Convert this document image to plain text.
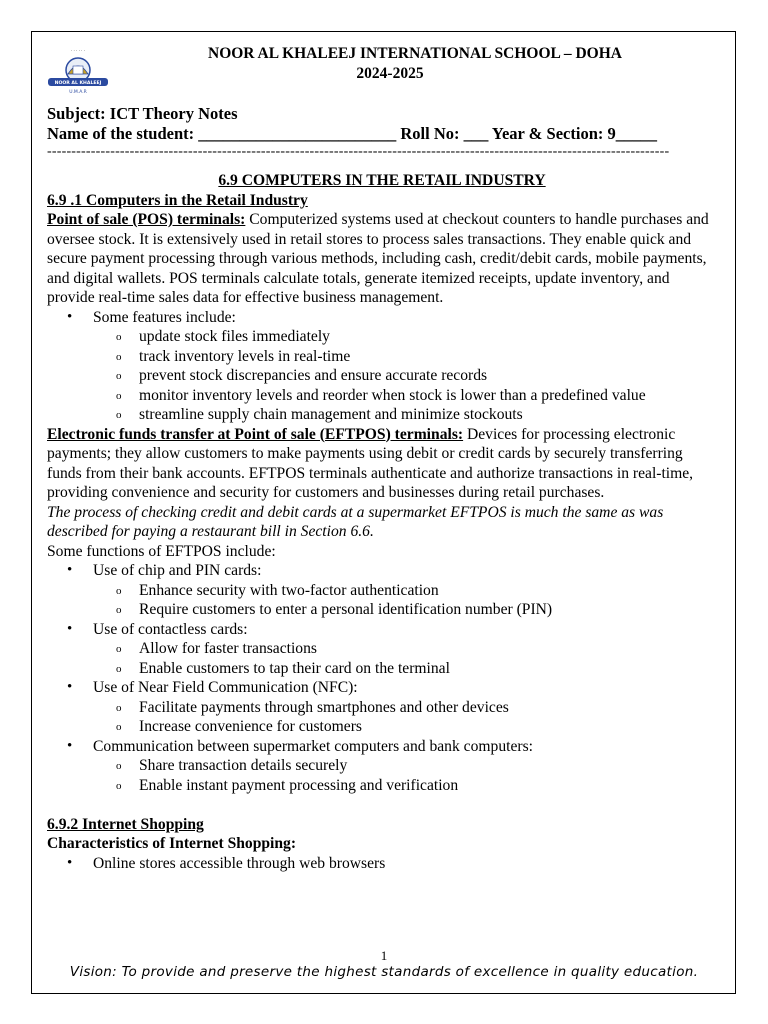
· · · · · ·
NOOR AL KHALEEJ
U.M.A.R
NOOR AL KHALEEJ INTERNATIONAL SCHOOL – DOHA
2024-2025
Subject: ICT Theory Notes
Name of the student: ________________________ Roll No: ___ Year & Section: 9_____
--------------------------------------------------------------------------------------------------------------------------------

6.9 COMPUTERS IN THE RETAIL INDUSTRY

6.9 .1 Computers in the Retail Industry

Point of sale (POS) terminals: Computerized systems used at checkout counters to handle purchases and oversee stock. It is extensively used in retail stores to process sales transactions. They enable quick and secure payment processing through various methods, including cash, credit/debit cards, mobile payments, and digital wallets. POS terminals calculate totals, generate itemized receipts, update inventory, and provide real-time sales data for effective business management.

• Some features include:
o update stock files immediately
o track inventory levels in real-time
o prevent stock discrepancies and ensure accurate records
o monitor inventory levels and reorder when stock is lower than a predefined value
o streamline supply chain management and minimize stockouts

Electronic funds transfer at Point of sale (EFTPOS) terminals: Devices for processing electronic payments; they allow customers to make payments using debit or credit cards by securely transferring funds from their bank accounts. EFTPOS terminals authenticate and authorize transactions in real-time, providing convenience and security for customers and businesses during retail purchases.

The process of checking credit and debit cards at a supermarket EFTPOS is much the same as was described for paying a restaurant bill in Section 6.6.

Some functions of EFTPOS include:

• Use of chip and PIN cards:
o Enhance security with two-factor authentication
o Require customers to enter a personal identification number (PIN)
• Use of contactless cards:
o Allow for faster transactions
o Enable customers to tap their card on the terminal
• Use of Near Field Communication (NFC):
o Facilitate payments through smartphones and other devices
o Increase convenience for customers
• Communication between supermarket computers and bank computers:
o Share transaction details securely
o Enable instant payment processing and verification

6.9.2 Internet Shopping

Characteristics of Internet Shopping:

• Online stores accessible through web browsers
1
Vision: To provide and preserve the highest standards of excellence in quality education.
